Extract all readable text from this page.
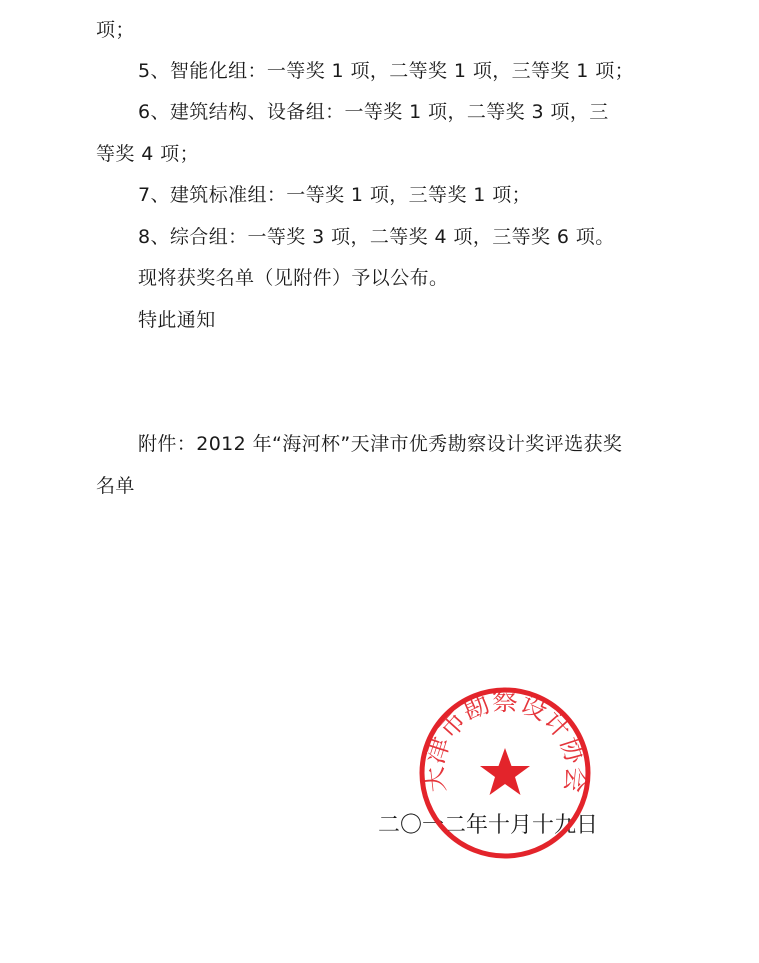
项；
5、智能化组：一等奖 1 项，二等奖 1 项，三等奖 1 项；
6、建筑结构、设备组：一等奖 1 项，二等奖 3 项，三
等奖 4 项；
7、建筑标准组：一等奖 1 项，三等奖 1 项；
8、综合组：一等奖 3 项，二等奖 4 项，三等奖 6 项。
现将获奖名单（见附件）予以公布。
特此通知
附件：2012 年“海河杯”天津市优秀勘察设计奖评选获奖
名单
二〇一二年十月十九日
天津市勘察设计协会
